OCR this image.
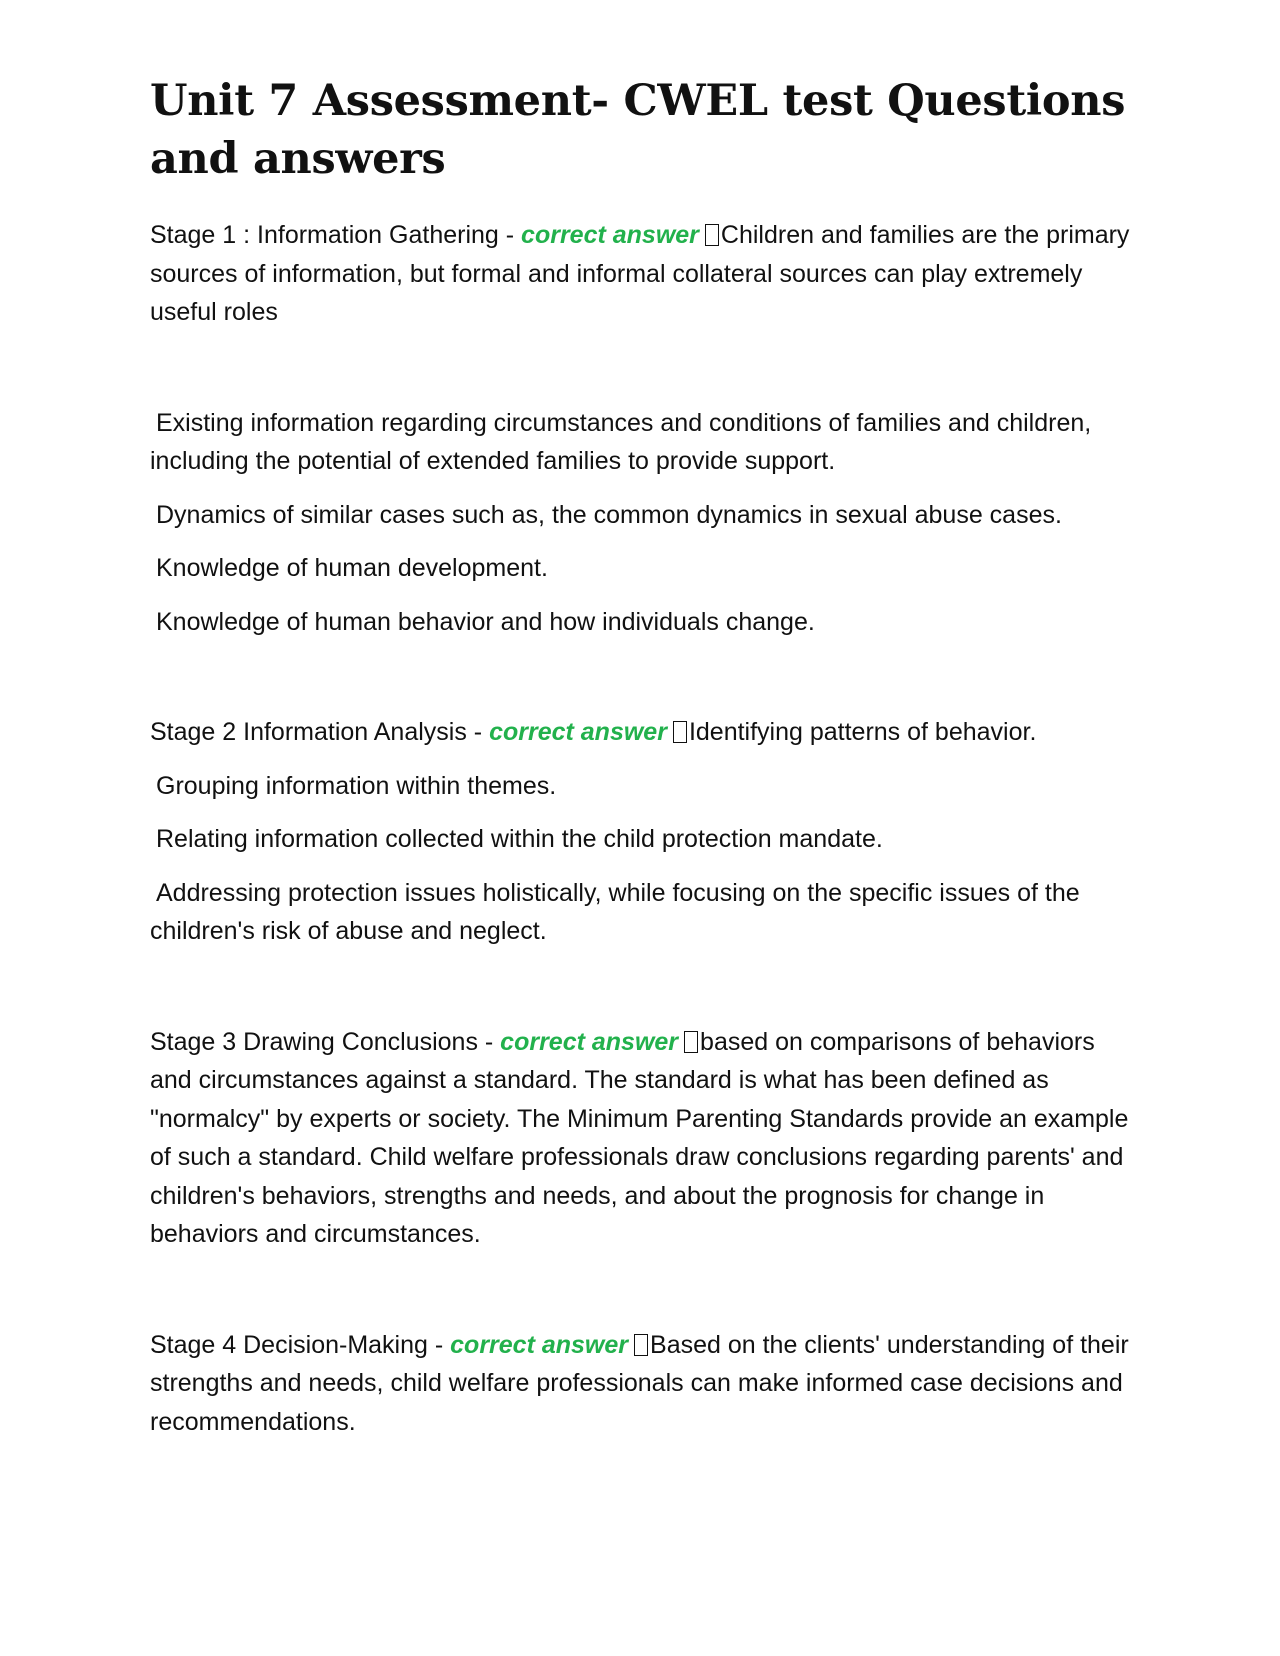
Unit 7 Assessment- CWEL test Questions and answers

Stage 1 : Information Gathering - correct answer Children and families are the primary sources of information, but formal and informal collateral sources can play extremely useful roles

Existing information regarding circumstances and conditions of families and children, including the potential of extended families to provide support.

Dynamics of similar cases such as, the common dynamics in sexual abuse cases.

Knowledge of human development.

Knowledge of human behavior and how individuals change.

Stage 2 Information Analysis - correct answer Identifying patterns of behavior.

Grouping information within themes.

Relating information collected within the child protection mandate.

Addressing protection issues holistically, while focusing on the specific issues of the children's risk of abuse and neglect.

Stage 3 Drawing Conclusions - correct answer based on comparisons of behaviors and circumstances against a standard. The standard is what has been defined as "normalcy" by experts or society. The Minimum Parenting Standards provide an example of such a standard. Child welfare professionals draw conclusions regarding parents' and children's behaviors, strengths and needs, and about the prognosis for change in behaviors and circumstances.

Stage 4 Decision-Making - correct answer Based on the clients' understanding of their strengths and needs, child welfare professionals can make informed case decisions and recommendations.
